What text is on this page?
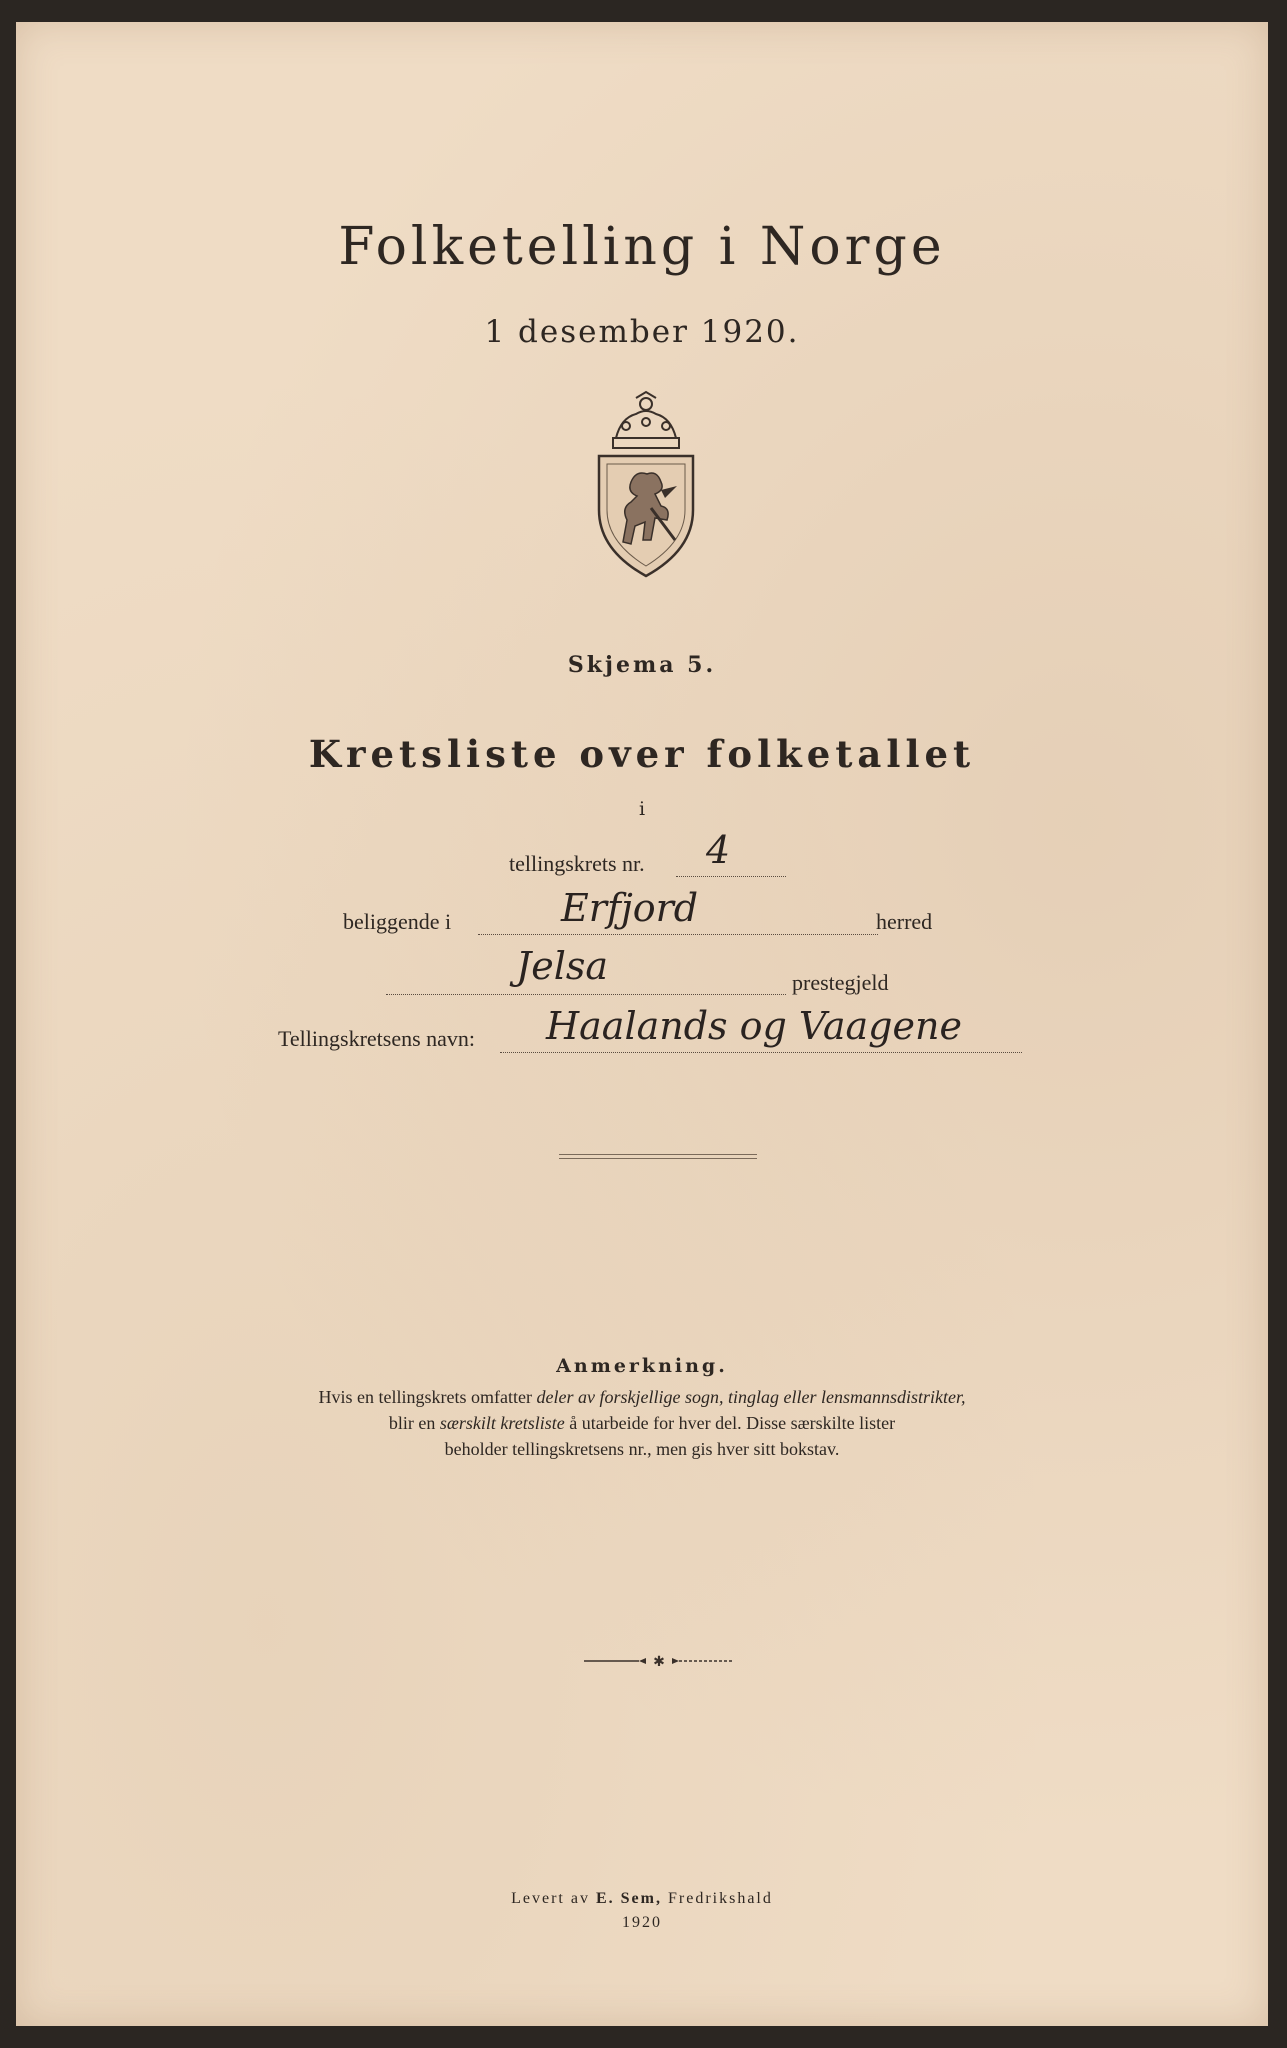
Folketelling i Norge
1 desember 1920.
Skjema 5.
Kretsliste over folketallet
i
tellingskrets nr. 4
beliggende i	Erfjord	herred
Jelsa	prestegjeld
Tellingskretsens navn: Haalands og Vaagene
Anmerkning.
Hvis en tellingskrets omfatter deler av forskjellige sogn, tinglag eller lensmannsdistrikter,
blir en særskilt kretsliste å utarbeide for hver del. Disse særskilte lister
beholder tellingskretsens nr., men gis hver sitt bokstav.
✱
Levert av E. Sem, Fredrikshald
1920
